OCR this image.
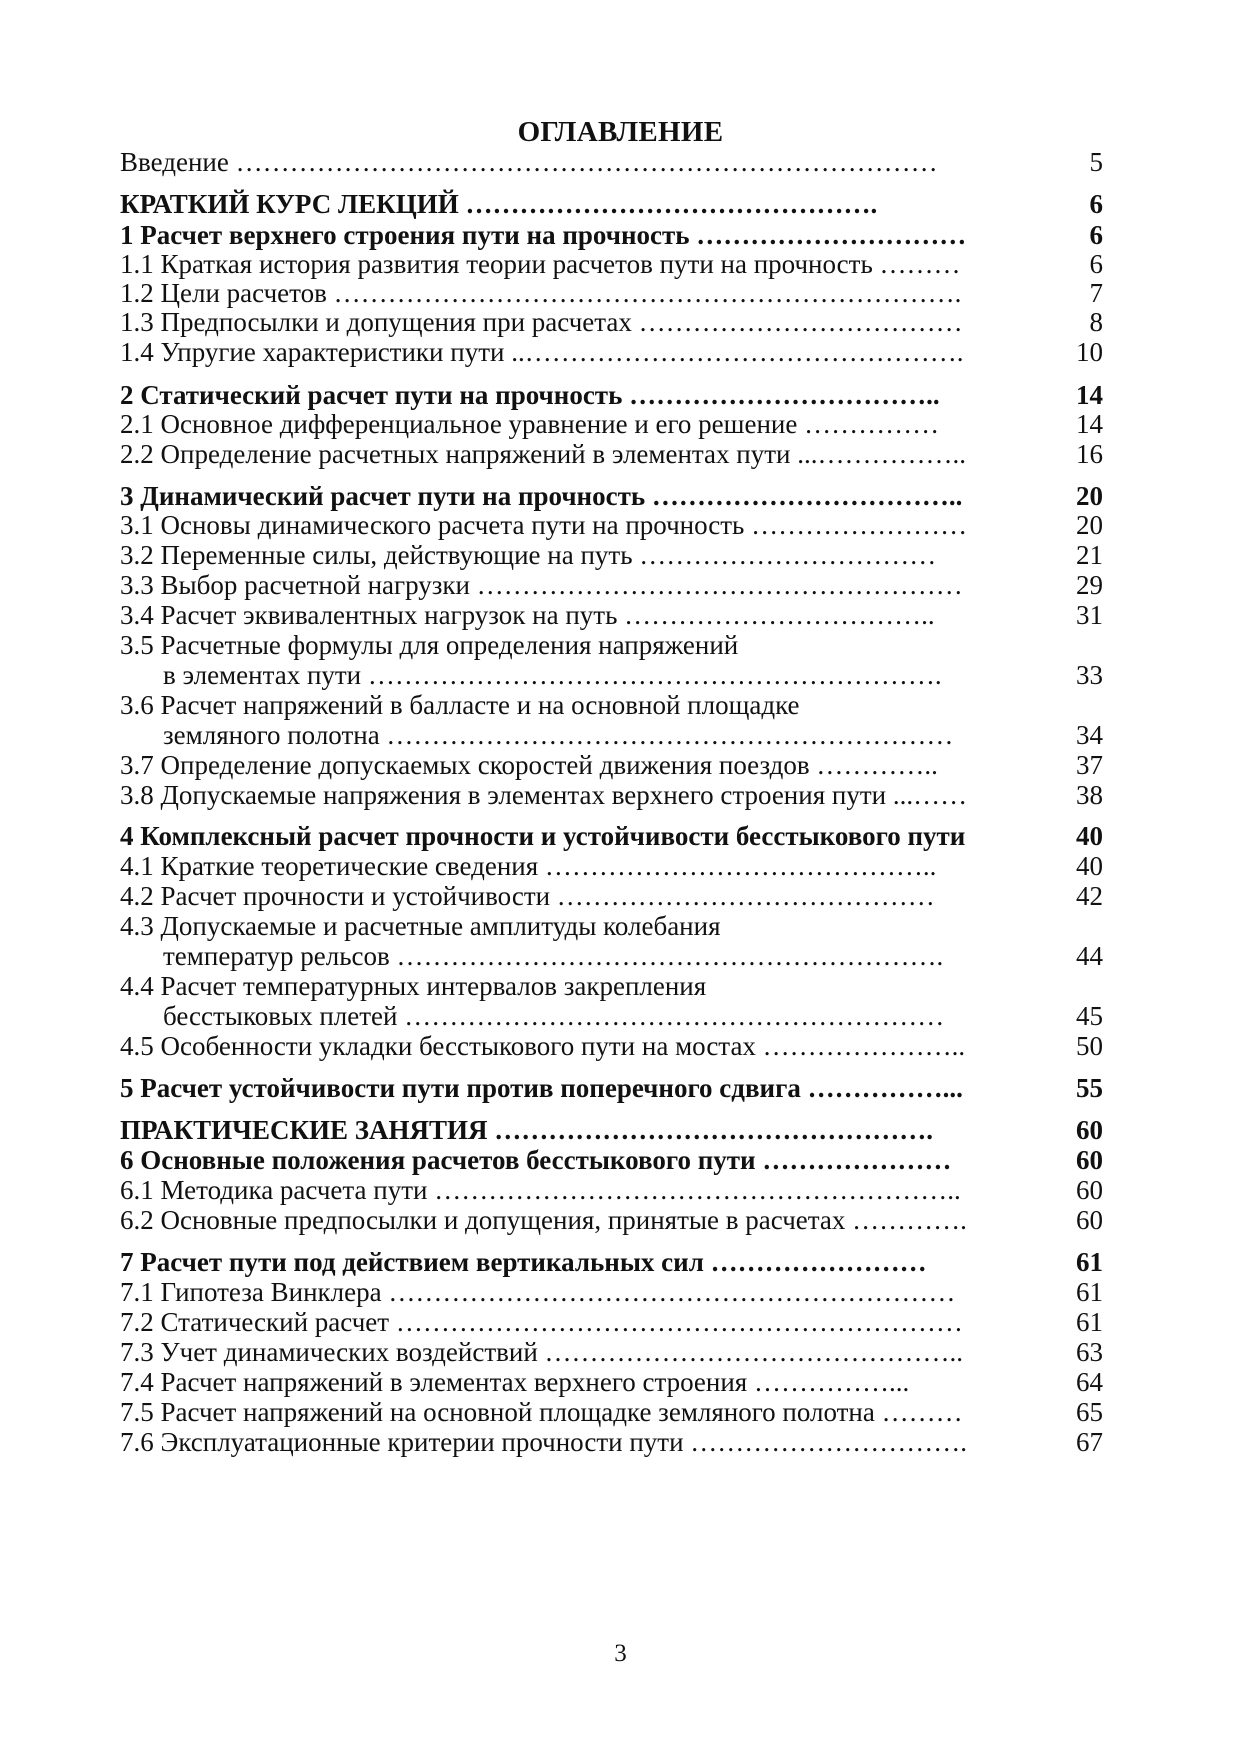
ОГЛАВЛЕНИЕ
Введение ……………………………………………………………………	5
КРАТКИЙ КУРС ЛЕКЦИЙ ……………………………………….	6
1 Расчет верхнего строения пути на прочность …………………………	6
1.1 Краткая история развития теории расчетов пути на прочность ………	6
1.2 Цели расчетов …………………………………………………………….	7
1.3 Предпосылки и допущения при расчетах ………………………………	8
1.4 Упругие характеристики пути ..………………………………………….	10
2 Статический расчет пути на прочность ……………………………..	14
2.1 Основное дифференциальное уравнение и его решение ……………	14
2.2 Определение расчетных напряжений в элементах пути ...……………..	16
3 Динамический расчет пути на прочность ……………………………..	20
3.1 Основы динамического расчета пути на прочность ……………………	20
3.2 Переменные силы, действующие на путь ……………………………	21
3.3 Выбор расчетной нагрузки ………………………………………………	29
3.4 Расчет эквивалентных нагрузок на путь ……………………………..	31
3.5 Расчетные формулы для определения напряжений
в элементах пути ……………………………………………………….	33
3.6 Расчет напряжений в балласте и на основной площадке
земляного полотна ………………………………………………………	34
3.7 Определение допускаемых скоростей движения поездов …………..	37
3.8 Допускаемые напряжения в элементах верхнего строения пути ...……	38
4 Комплексный расчет прочности и устойчивости бесстыкового пути	40
4.1 Краткие теоретические сведения ……………………………………..	40
4.2 Расчет прочности и устойчивости ……………………………………	42
4.3 Допускаемые и расчетные амплитуды колебания
температур рельсов …………………………………………………….	44
4.4 Расчет температурных интервалов закрепления
бесстыковых плетей ……………………………………………………	45
4.5 Особенности укладки бесстыкового пути на мостах …………………..	50
5 Расчет устойчивости пути против поперечного сдвига ……………...	55
ПРАКТИЧЕСКИЕ ЗАНЯТИЯ ………………………………………….	60
6 Основные положения расчетов бесстыкового пути …………………	60
6.1 Методика расчета пути …………………………………………………..	60
6.2 Основные предпосылки и допущения, принятые в расчетах ………….	60
7 Расчет пути под действием вертикальных сил ……………………	61
7.1 Гипотеза Винклера ………………………………………………………	61
7.2 Статический расчет ………………………………………………………	61
7.3 Учет динамических воздействий ………………………………………..	63
7.4 Расчет напряжений в элементах верхнего строения ……………...	64
7.5 Расчет напряжений на основной площадке земляного полотна ………	65
7.6 Эксплуатационные критерии прочности пути ………………………….	67
3
